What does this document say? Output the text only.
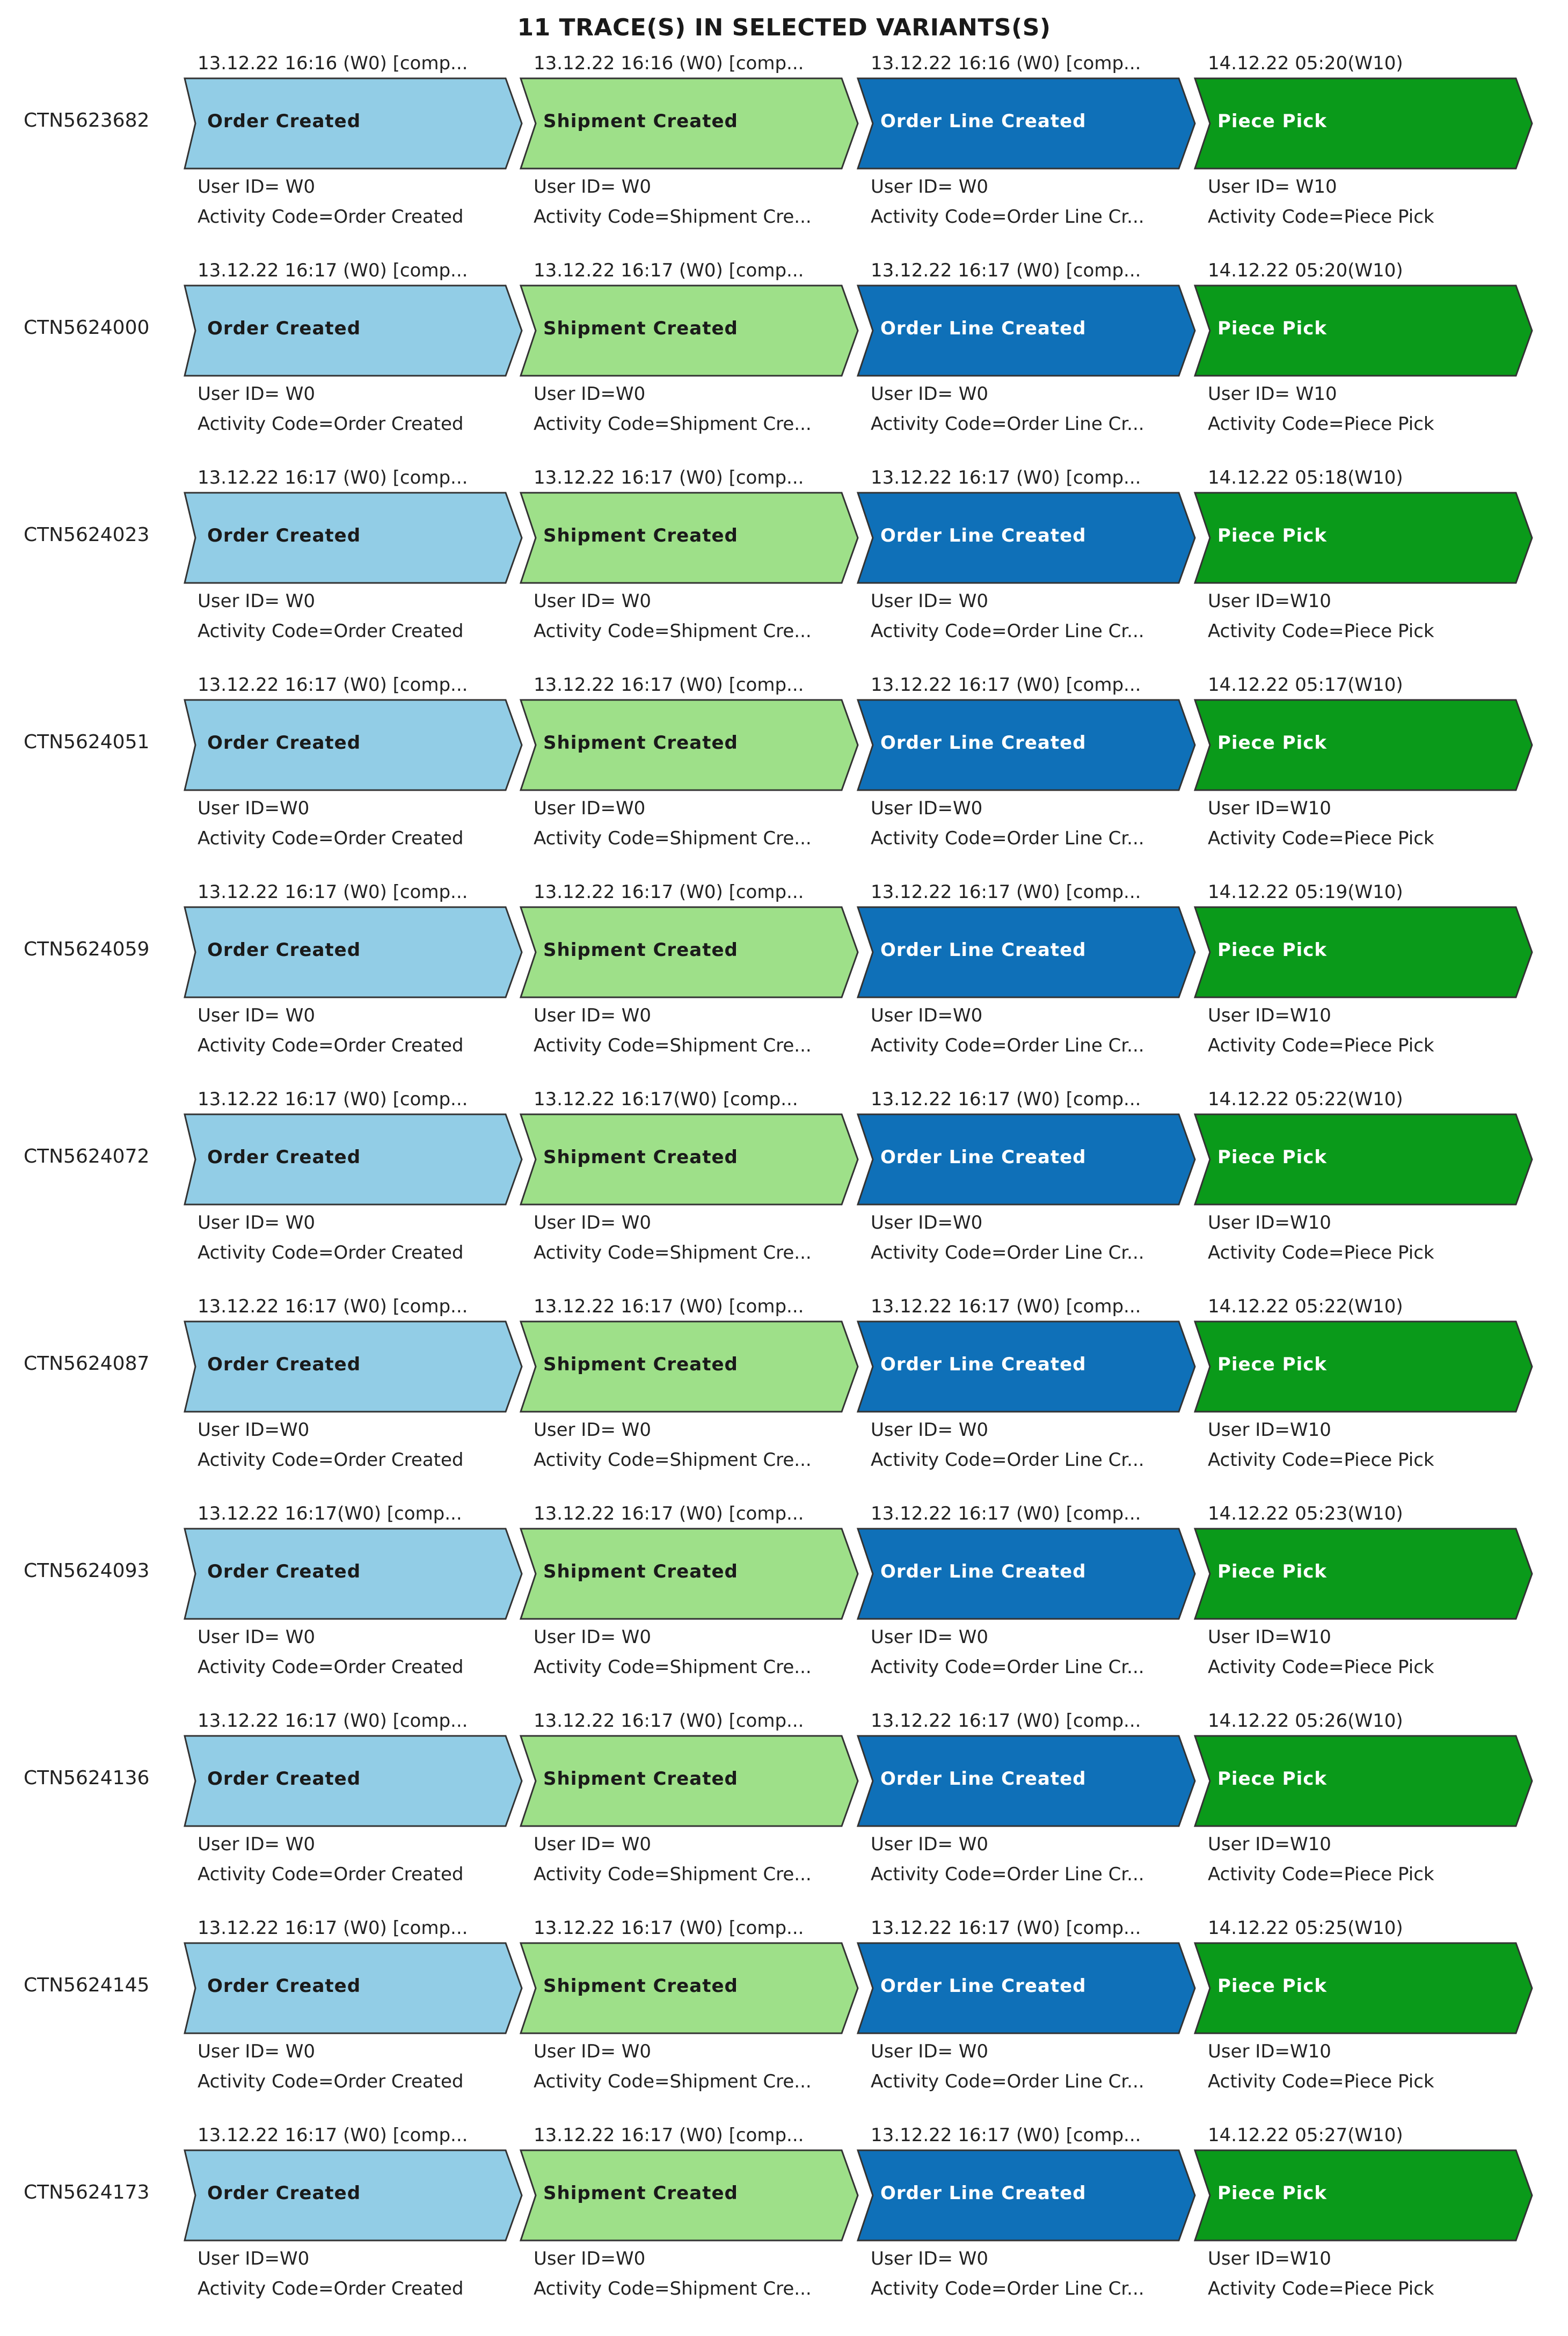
11 TRACE(S) IN SELECTED VARIANTS(S)
CTN5623682
13.12.22 16:16 (W0) [comp...
Order Created
User ID= W0
Activity Code=Order Created
13.12.22 16:16 (W0) [comp...
Shipment Created
User ID= W0
Activity Code=Shipment Cre...
13.12.22 16:16 (W0) [comp...
Order Line Created
User ID= W0
Activity Code=Order Line Cr...
14.12.22 05:20(W10)
Piece Pick
User ID= W10
Activity Code=Piece Pick
CTN5624000
13.12.22 16:17 (W0) [comp...
Order Created
User ID= W0
Activity Code=Order Created
13.12.22 16:17 (W0) [comp...
Shipment Created
User ID=W0
Activity Code=Shipment Cre...
13.12.22 16:17 (W0) [comp...
Order Line Created
User ID= W0
Activity Code=Order Line Cr...
14.12.22 05:20(W10)
Piece Pick
User ID= W10
Activity Code=Piece Pick
CTN5624023
13.12.22 16:17 (W0) [comp...
Order Created
User ID= W0
Activity Code=Order Created
13.12.22 16:17 (W0) [comp...
Shipment Created
User ID= W0
Activity Code=Shipment Cre...
13.12.22 16:17 (W0) [comp...
Order Line Created
User ID= W0
Activity Code=Order Line Cr...
14.12.22 05:18(W10)
Piece Pick
User ID=W10
Activity Code=Piece Pick
CTN5624051
13.12.22 16:17 (W0) [comp...
Order Created
User ID=W0
Activity Code=Order Created
13.12.22 16:17 (W0) [comp...
Shipment Created
User ID=W0
Activity Code=Shipment Cre...
13.12.22 16:17 (W0) [comp...
Order Line Created
User ID=W0
Activity Code=Order Line Cr...
14.12.22 05:17(W10)
Piece Pick
User ID=W10
Activity Code=Piece Pick
CTN5624059
13.12.22 16:17 (W0) [comp...
Order Created
User ID= W0
Activity Code=Order Created
13.12.22 16:17 (W0) [comp...
Shipment Created
User ID= W0
Activity Code=Shipment Cre...
13.12.22 16:17 (W0) [comp...
Order Line Created
User ID=W0
Activity Code=Order Line Cr...
14.12.22 05:19(W10)
Piece Pick
User ID=W10
Activity Code=Piece Pick
CTN5624072
13.12.22 16:17 (W0) [comp...
Order Created
User ID= W0
Activity Code=Order Created
13.12.22 16:17(W0) [comp...
Shipment Created
User ID= W0
Activity Code=Shipment Cre...
13.12.22 16:17 (W0) [comp...
Order Line Created
User ID=W0
Activity Code=Order Line Cr...
14.12.22 05:22(W10)
Piece Pick
User ID=W10
Activity Code=Piece Pick
CTN5624087
13.12.22 16:17 (W0) [comp...
Order Created
User ID=W0
Activity Code=Order Created
13.12.22 16:17 (W0) [comp...
Shipment Created
User ID= W0
Activity Code=Shipment Cre...
13.12.22 16:17 (W0) [comp...
Order Line Created
User ID= W0
Activity Code=Order Line Cr...
14.12.22 05:22(W10)
Piece Pick
User ID=W10
Activity Code=Piece Pick
CTN5624093
13.12.22 16:17(W0) [comp...
Order Created
User ID= W0
Activity Code=Order Created
13.12.22 16:17 (W0) [comp...
Shipment Created
User ID= W0
Activity Code=Shipment Cre...
13.12.22 16:17 (W0) [comp...
Order Line Created
User ID= W0
Activity Code=Order Line Cr...
14.12.22 05:23(W10)
Piece Pick
User ID=W10
Activity Code=Piece Pick
CTN5624136
13.12.22 16:17 (W0) [comp...
Order Created
User ID= W0
Activity Code=Order Created
13.12.22 16:17 (W0) [comp...
Shipment Created
User ID= W0
Activity Code=Shipment Cre...
13.12.22 16:17 (W0) [comp...
Order Line Created
User ID= W0
Activity Code=Order Line Cr...
14.12.22 05:26(W10)
Piece Pick
User ID=W10
Activity Code=Piece Pick
CTN5624145
13.12.22 16:17 (W0) [comp...
Order Created
User ID= W0
Activity Code=Order Created
13.12.22 16:17 (W0) [comp...
Shipment Created
User ID= W0
Activity Code=Shipment Cre...
13.12.22 16:17 (W0) [comp...
Order Line Created
User ID= W0
Activity Code=Order Line Cr...
14.12.22 05:25(W10)
Piece Pick
User ID=W10
Activity Code=Piece Pick
CTN5624173
13.12.22 16:17 (W0) [comp...
Order Created
User ID=W0
Activity Code=Order Created
13.12.22 16:17 (W0) [comp...
Shipment Created
User ID=W0
Activity Code=Shipment Cre...
13.12.22 16:17 (W0) [comp...
Order Line Created
User ID= W0
Activity Code=Order Line Cr...
14.12.22 05:27(W10)
Piece Pick
User ID=W10
Activity Code=Piece Pick
